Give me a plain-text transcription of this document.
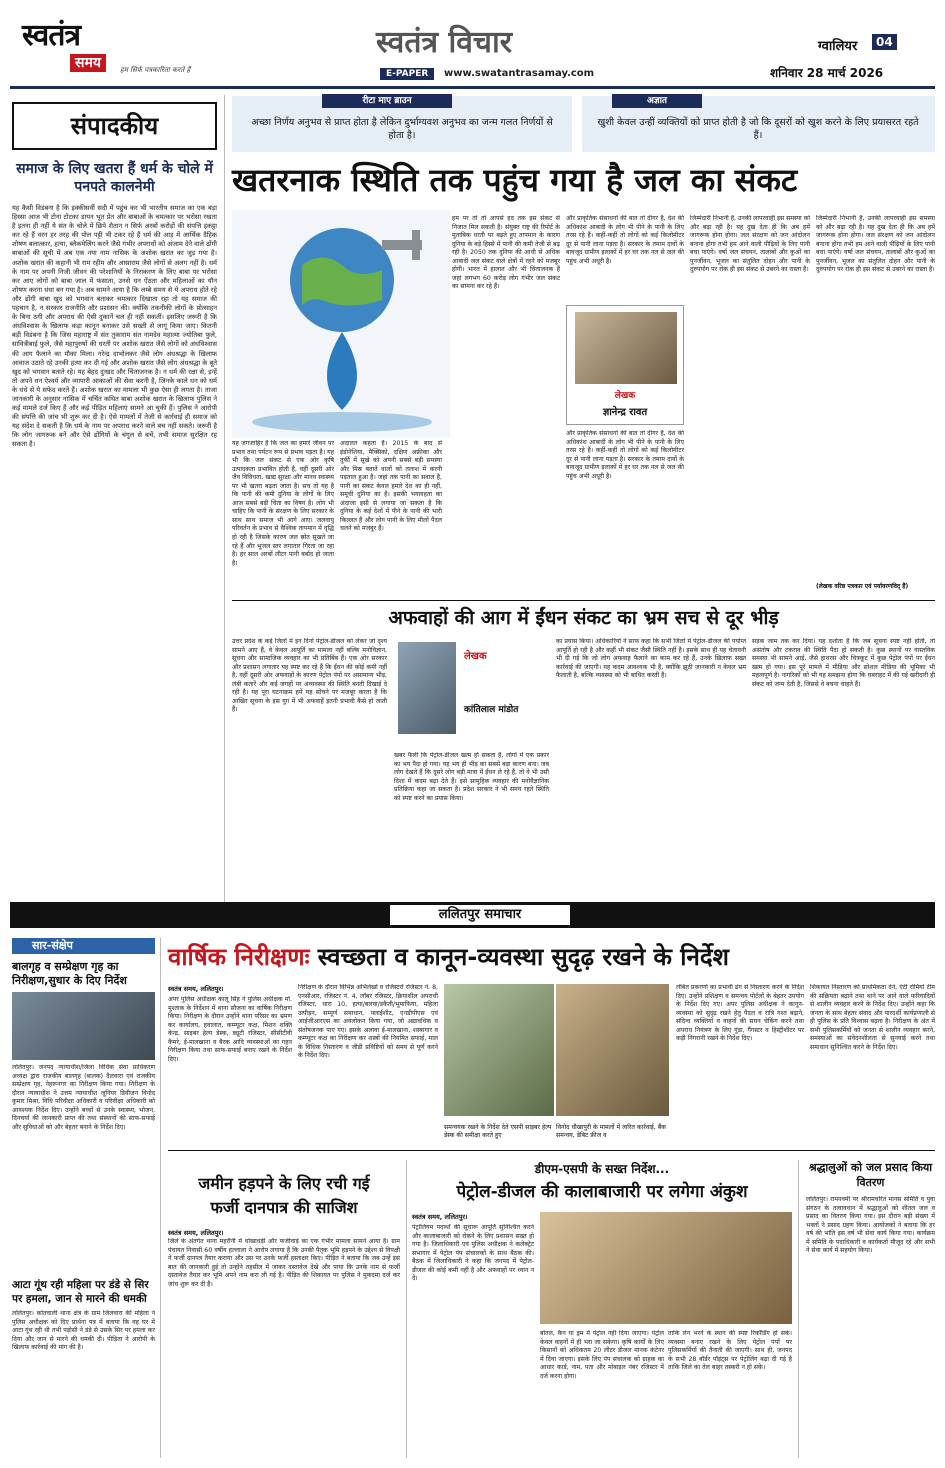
स्वतंत्र
समय	हम सिर्फ पत्रकारिता करते हैं
स्वतंत्र विचार
E-PAPER	www.swatantrasamay.com
ग्वालियर	04
शनिवार 28 मार्च 2026
संपादकीय
समाज के लिए खतरा हैं धर्म के चोले में पनपते कालनेमी
यह कैसी विडंबना है कि इक्कीसवीं सदी में पहुंच कर भी भारतीय समाज का एक बड़ा हिस्सा आज भी टोना टोटका डायन भूत प्रेत और बाबाओं के चमत्कार पर भरोसा रखता है इतना ही नहीं ये संत के चोले में छिपे शैतान न सिर्फ अरबों करोड़ों की संपत्ति इकट्ठा कर रहे हैं वरन हर तरह की पोल पट्टी भी टकर रहे हैं धर्म की आड़ में आर्थिक दैहिक शोषण बलात्कार, हत्या, ब्लैकमेलिंग करने जैसे गंभीर अपराधों को अंजाम देने वाले ढोंगी बाबाओं की सूची में अब एक नया नाम नासिक के अशोक खरात का जुड़ गया है। अशोक खरात की कहानी भी राम रहीम और आसाराम जैसे लोगों से अलग नहीं है। धर्म के नाम पर अपनी निजी जीवन की परेशानियों के निराकरण के लिए बाबा पर भरोसा कर आए लोगों को बाबा जाल में फंसाता, उनसे धन ऐंठता और महिलाओं का यौन शोषण करना धंधा बन गया है। अब सामने आया है कि लम्बे समय से ये अपराध होते रहे और ढोंगी बाबा खुद को भगवान बताकर चमत्कार दिखाता रहा तो यह समाज की पहचान है, न सरकार राजनीति और प्रशासन की। क्योंकि तकनीकी लोगों के प्रोत्साहन के बिना ठगी और अपराध की ऐसी दुकानें चल ही नहीं सकतीं। इसलिए जरूरी है कि अंधविश्वास के खिलाफ कड़ा कानून बनाकर उसे सख्ती से लागू किया जाए। कितनी बड़ी विडंबना है कि जिस महाराष्ट्र में संत तुकाराम संत नामदेव महात्मा ज्योतिबा फुले, सावित्रीबाई फुले, जैसे महापुरुषों की धरती पर अशोक खरात जैसे लोगों को अंधविश्वास की आग फैलाने का मौका मिला। नरेन्द्र दाभोलकर जैसे लोग अंधश्रद्धा के खिलाफ आवाज उठाते रहे उनकी हत्या कर दी गई और अशोक खरात जैसे लोग अंधश्रद्धा के बूते खुद को भगवान बताते रहे। यह बेहद दुःखद और चिंताजनक है। न धर्म की रक्षा से, इन्हें तो अपने धन ऐश्वर्य और व्यापारी आकाओं की सेवा करनी है, जिनके काले धन को धर्म के धंधे से ये सफेद करते हैं। अशोक खरात का मामला भी कुछ ऐसा ही लगता है। ताजा जानकारी के अनुसार नासिक में चर्चित कथित बाबा अशोक खरात के खिलाफ पुलिस ने कई मामले दर्ज किए हैं और कई पीड़ित महिलाएं सामने आ चुकी हैं। पुलिस ने आरोपी की संपत्ति की जांच भी शुरू कर दी है। ऐसे मामलों में तेजी से कार्रवाई ही समाज को यह संदेश दे सकती है कि धर्म के नाम पर अपराध करने वाले बच नहीं सकते। जरूरी है कि लोग जागरूक बनें और ऐसे ढोंगियों के चंगुल से बचें, तभी समाज सुरक्षित रह सकता है।
रीटा माए ब्राउन
अच्छा निर्णय अनुभव से प्राप्त होता है लेकिन दुर्भाग्यवश अनुभव का जन्म गलत निर्णयों से होता है।
अज्ञात
खुशी केवल उन्हीं व्यक्तियों को प्राप्त होती है जो कि दूसरों को खुश करने के लिए प्रयासरत रहते हैं।
खतरनाक स्थिति तक पहुंच गया है जल का संकट
अदालत कहता है। 2015 के बाद से इंडोनेशिया, मैक्सिको, दक्षिण अफ्रीका और तुर्की में सूखे को अपनी सबसे बड़ी समस्या और मिस्र बताते वालों को तलाश में करनी पड़ताल हुआ है। जहां तक पानी का सवाल है, पानी का संकट केवल हमारे देश का ही नहीं, समूची दुनिया का है। इसकी भयावहता का अंदाजा इसी से लगाया जा सकता है कि दुनिया के कई देशों में पीने के पानी की भारी किल्लत है और लोग पानी के लिए मीलों पैदल चलने को मजबूर हैं।
यह जगजाहिर है कि जल का हमारे जीवन पर प्रभाव तथा पर्यटन रूप से प्रभाव पड़ता है। यह भी कि जल संकट से एक ओर कृषि उत्पादकता प्रभावित होती है, वहीं दूसरी ओर जैव विविधता, खाद्य सुरक्षा और मानव स्वास्थ्य पर भी खतरा बढ़ता जाता है। सच तो यह है कि पानी की कमी दुनिया के लोगों के लिए आज सबसे बड़ी चिंता का विषय है। लोग भी चाहिए कि पानी के संरक्षण के लिए सरकार के साथ साथ समाज भी आगे आए। जलवायु परिवर्तन के प्रभाव से वैश्विक तापमान में वृद्धि हो रही है जिसके कारण जल स्रोत सूखते जा रहे हैं और भूजल स्तर लगातार गिरता जा रहा है। हर साल अरबों लीटर पानी बर्बाद हो जाता है।
हम पर तो तो आपसे हद तक इस संकट से निजात मिल सकती है। संयुक्त राष्ट्र की रिपोर्ट के मुताबिक धरती पर बढ़ते हुए तापमान के कारण दुनिया के बड़े हिस्से में पानी की कमी तेजी से बढ़ रही है। 2050 तक दुनिया की आधी से अधिक आबादी जल संकट वाले क्षेत्रों में रहने को मजबूर होगी। भारत में हालात और भी चिंताजनक हैं जहां लगभग 60 करोड़ लोग गंभीर जल संकट का सामना कर रहे हैं।
लेखक
ज्ञानेन्द्र रावत
और प्राकृतिक संसाधनों की बात तो दीगर है, देश की अधिकांश आबादी के लोग भी पीने के पानी के लिए तरस रहे हैं। कहीं-कहीं तो लोगों को कई किलोमीटर दूर से पानी लाना पड़ता है। सरकार के तमाम दावों के बावजूद ग्रामीण इलाकों में हर घर तक नल से जल की पहुंच अभी अधूरी है।
और प्राकृतिक संसाधनों की बात तो दीगर है, देश की अधिकांश आबादी के लोग भी पीने के पानी के लिए तरस रहे हैं। कहीं-कहीं तो लोगों को कई किलोमीटर दूर से पानी लाना पड़ता है। सरकार के तमाम दावों के बावजूद ग्रामीण इलाकों में हर घर तक नल से जल की पहुंच अभी अधूरी है।
जिम्मेदारी निभानी है, उनकी लापरवाही इस समस्या को और बढ़ा रही है। यह दुख देता ही कि अब हमें जागरूक होना होगा। जल संरक्षण को जन आंदोलन बनाना होगा तभी हम आने वाली पीढ़ियों के लिए पानी बचा पाएंगे। वर्षा जल संचयन, तालाबों और कुओं का पुनर्जीवन, भूजल का संतुलित दोहन और पानी के दुरुपयोग पर रोक ही इस संकट से उबरने का रास्ता है।
जिम्मेदारी निभानी है, उनकी लापरवाही इस समस्या को और बढ़ा रही है। यह दुख देता ही कि अब हमें जागरूक होना होगा। जल संरक्षण को जन आंदोलन बनाना होगा तभी हम आने वाली पीढ़ियों के लिए पानी बचा पाएंगे। वर्षा जल संचयन, तालाबों और कुओं का पुनर्जीवन, भूजल का संतुलित दोहन और पानी के दुरुपयोग पर रोक ही इस संकट से उबरने का रास्ता है।
(लेखक वरिष्ठ पत्रकार एवं पर्यावरणविद् हैं)
अफवाहों की आग में ईंधन संकट का भ्रम सच से दूर भीड़
उत्तर प्रदेश के कई जिलों में इन दिनों पेट्रोल-डीजल को लेकर जो दृश्य सामने आए हैं, वे केवल आपूर्ति का मामला नहीं बल्कि मनोविज्ञान, सूचना और सामाजिक व्यवहार का भी प्रतिबिंब हैं। एक ओर सरकार और प्रशासन लगातार यह स्पष्ट कर रहे हैं कि ईंधन की कोई कमी नहीं है, वहीं दूसरी ओर अफवाहों के कारण पेट्रोल पंपों पर असामान्य भीड़, लंबी कतारें और कई जगहों पर अव्यवस्था की स्थिति बनती दिखाई दे रही है। यह पूरा घटनाक्रम हमें यह सोचने पर मजबूर करता है कि आखिर सूचना के इस युग में भी अफवाहें इतनी प्रभावी कैसे हो जाती हैं।
लेखक
कांतिलाल मांडोत
खबर फैली कि पेट्रोल-डीजल खत्म हो सकता है, लोगों में एक प्रकार का भय पैदा हो गया। यह भय ही भीड़ का सबसे बड़ा कारण बना। जब लोग देखते हैं कि दूसरे लोग बड़ी मात्रा में ईंधन ले रहे हैं, तो वे भी उसी दिशा में कदम बढ़ा देते हैं। इसे सामूहिक व्यवहार की मनोवैज्ञानिक प्रतिक्रिया कहा जा सकता है। प्रदेश सरकार ने भी समय रहते स्थिति को स्पष्ट करने का प्रयास किया।
का प्रयास किया। अधिकारियों ने साफ कहा कि सभी जिलों में पेट्रोल-डीजल की पर्याप्त आपूर्ति हो रही है और कहीं भी संकट जैसी स्थिति नहीं है। इसके साथ ही यह चेतावनी भी दी गई कि जो लोग अफवाह फैलाने का काम कर रहे हैं, उनके खिलाफ सख्त कार्रवाई की जाएगी। यह कदम आवश्यक भी है, क्योंकि झूठी जानकारी न केवल भ्रम फैलाती है, बल्कि व्यवस्था को भी बाधित करती है।
सड़क जाम तक कर दिया। यह दर्शाता है कि जब सूचना स्पष्ट नहीं होती, तो असंतोष और टकराव की स्थिति पैदा हो सकती है। कुछ स्थानों पर वास्तविक समस्या भी सामने आई, जैसे हाथरस और चित्रकूट में कुछ पेट्रोल पंपों पर ईंधन खत्म हो गया। इस पूरे मामले में मीडिया और सोशल मीडिया की भूमिका भी महत्वपूर्ण है। नागरिकों को भी यह समझना होगा कि घबराहट में की गई खरीदारी ही संकट को जन्म देती है, जिससे वे बचना चाहते हैं।
ललितपुर समाचार
सार-संक्षेप
बालगृह व सम्प्रेक्षण गृह का निरीक्षण,सुधार के दिए निर्देश
ललितपुर। जनपद न्यायाधीश/जिला विधिक सेवा प्राधिकरण अध्यक्ष द्वारा राजकीय बालगृह (बालक) दैलवारा एवं राजकीय सम्प्रेक्षण गृह, नेहरूनगर का निरीक्षण किया गया। निरीक्षण के दौरान न्यायाधीश ने उत्तम न्यायाधीश जूनियर डिवीजन विनोद कुमार मिश्रा, विधि परिवीक्षा अधिकारी व परिवीक्षा अधिकारी को आवश्यक निर्देश दिए। उन्होंने बच्चों से उनके स्वास्थ्य, भोजन, दिनचर्या की जानकारी प्राप्त की तथा संस्थानों की साफ-सफाई और सुविधाओं को और बेहतर बनाने के निर्देश दिए।
आटा गूंथ रही महिला पर डंडे से सिर पर हमला, जान से मारने की धमकी
ललितपुर। कोतवाली थाना क्षेत्र के ग्राम जिलवारा की महिला ने पुलिस अधीक्षक को दिए प्रार्थना पत्र में बताया कि वह घर में आटा गूंथ रही थी तभी पड़ोसी ने डंडे से उसके सिर पर हमला कर दिया और जान से मारने की धमकी दी। पीड़िता ने आरोपी के खिलाफ कार्रवाई की मांग की है।
वार्षिक निरीक्षणः स्वच्छता व कानून-व्यवस्था सुदृढ़ रखने के निर्देश
स्वतंत्र समय, ललितपुर।
अपर पुलिस अधीक्षक कालू सिंह ने पुलिस अधीक्षक मो. मुश्ताक के निर्देशन में थाना सौजना का वार्षिक निरीक्षण किया। निरीक्षण के दौरान उन्होंने थाना परिसर का भ्रमण कर कार्यालय, हवालात, कम्प्यूटर कक्ष, मिशन शक्ति केन्द्र, साइबर हेल्प डेस्क, ड्यूटी रजिस्टर, सीसीटीवी कैमरे, ई-मालखाना व बैरक आदि व्यवस्थाओं का गहन निरीक्षण किया तथा साफ-सफाई बनाए रखने के निर्देश दिए।
निरीक्षण के दौरान विभिन्न अभिलेखों व रजिस्टरों रजिस्टर नं. 8, एनसीआर, रजिस्टर नं. 4, लॉबर रजिस्टर, क्रियाशील अपराधी रजिस्टर, धारा 10, हत्या/बलवा/डकैती/भूमाफिया, महिला उत्पीड़न, सम्पूर्ण समाधान, फ्लाईशीट, एनडीपीएस एवं आईजीआरएस का अवलोकन किया गया, जो अद्यावधिक व संतोषजनक पाए गए। इसके अलावा ई-मालखाना, शस्त्रागार व कम्प्यूटर कक्ष का निरीक्षण कर शस्त्रों की नियमित सफाई, माल के विधिक निस्तारण व जीडी प्रविष्टियों को समय से पूर्ण करने के निर्देश दिए।
समन्वयक रखने के निर्देश देते एसपी साइबर हेल्प डेस्क की समीक्षा करते हुए
विनोद धौखापुरी के मामलों में त्वरित कार्रवाई, बैंक समन्वय, डेबिट फ्रीज व
लंबित प्रकरणों का प्रभावी ढंग से निस्तारण करने के निर्देश दिए। उन्होंने प्रशिक्षण व समन्वय पोर्टलों के बेहतर उपयोग के निर्देश दिए गए। अपर पुलिस अधीक्षक ने कानून-व्यवस्था को सुदृढ़ रखने हेतु पैदल व रात्रि गश्त बढ़ाने, संदिग्ध व्यक्तियों व वाहनों की सघन चेकिंग करने तथा अपराध नियंत्रण के लिए गुंडा, गैंगस्टर व हिस्ट्रीशीटर पर कड़ी निगरानी रखने के निर्देश दिए।
शिकायत निस्तारण को प्राथमिकता देने, एंटी रोमियो टीम की सक्रियता बढ़ाने तथा थाने पर आने वाले फरियादियों से शालीन व्यवहार करने के निर्देश दिए। उन्होंने कहा कि जनता के साथ बेहतर संवाद और पारदर्शी कार्यप्रणाली से ही पुलिस के प्रति विश्वास बढ़ता है। निरीक्षण के अंत में सभी पुलिसकर्मियों को जनता से शालीन व्यवहार करने, समस्याओं का संवेदनशीलता से सुनवाई करने तथा समाधान सुनिश्चित करने के निर्देश दिए।
जमीन हड़पने के लिए रची गई
फर्जी दानपात्र की साजिश
स्वतंत्र समय, ललितपुर।
जिले के अंतर्गत थाना महरौनी में धोखाधड़ी और फर्जीवाड़े का एक गंभीर मामला सामने आया है। ग्राम पंचायत निवासी 60 वर्षीय हल्लाला ने आरोप लगाया है कि उनकी पैतृक भूमि हड़पने के उद्देश्य से विपक्षी ने फर्जी दानपत्र तैयार कराया और उस पर उनके फर्जी हस्ताक्षर किए। पीड़ित ने बताया कि जब उन्हें इस बात की जानकारी हुई तो उन्होंने तहसील में जाकर दस्तावेज देखे और पाया कि उनके नाम से फर्जी दस्तावेज तैयार कर भूमि अपने नाम करा ली गई है। पीड़ित की शिकायत पर पुलिस ने मुकदमा दर्ज कर जांच शुरू कर दी है।
डीएम-एसपी के सख्त निर्देश...
पेट्रोल-डीजल की कालाबाजारी पर लगेगा अंकुश
स्वतंत्र समय, ललितपुर।
पेट्रोलियम पदार्थों की सुचारू आपूर्ति सुनिश्चित करने और कालाबाजारी को रोकने के लिए प्रशासन सख्त हो गया है। जिलाधिकारी एवं पुलिस अधीक्षक ने कलेक्ट्रेट सभागार में पेट्रोल पंप संचालकों के साथ बैठक की। बैठक में जिलाधिकारी ने कहा कि जनपद में पेट्रोल-डीजल की कोई कमी नहीं है और अफवाहों पर ध्यान न दें।
बोतल, कैन या ड्रम में पेट्रोल नहीं दिया जाएगा। पेट्रोल केवल वाहनों में ही भरा जा सकेगा। कृषि कार्यों के लिए किसानों को अधिकतम 20 लीटर डीजल मानक कंटेनर में दिया जाएगा। इसके लिए पंप संचालक को ग्राहक का आधार कार्ड, नाम, पता और मोबाइल नंबर रजिस्टर में दर्ज करना होगा।
ताकि लेन भरने के स्थान की स्पष्ट रिकॉर्डिंग हो सके। व्यवस्था बनाए रखने के लिए पेट्रोल पंपों पर पुलिसकर्मियों की तैनाती की जाएगी। साथ ही, जनपद के सभी 28 बॉर्डर पॉइंट्स पर पेट्रोलिंग बढ़ा दी गई है ताकि जिले का तेल बाहर तस्करी न हो सके।
श्रद्धालुओं को जल प्रसाद किया वितरण
ललितपुर। रामनवमी पर श्रीरामचरित मानस समिति व युवा संगठन के तत्वावधान में श्रद्धालुओं को शीतल जल व प्रसाद का वितरण किया गया। इस दौरान बड़ी संख्या में भक्तों ने प्रसाद ग्रहण किया। आयोजकों ने बताया कि हर वर्ष की भांति इस वर्ष भी सेवा कार्य किया गया। कार्यक्रम में समिति के पदाधिकारी व कार्यकर्ता मौजूद रहे और सभी ने सेवा कार्य में सहयोग किया।
